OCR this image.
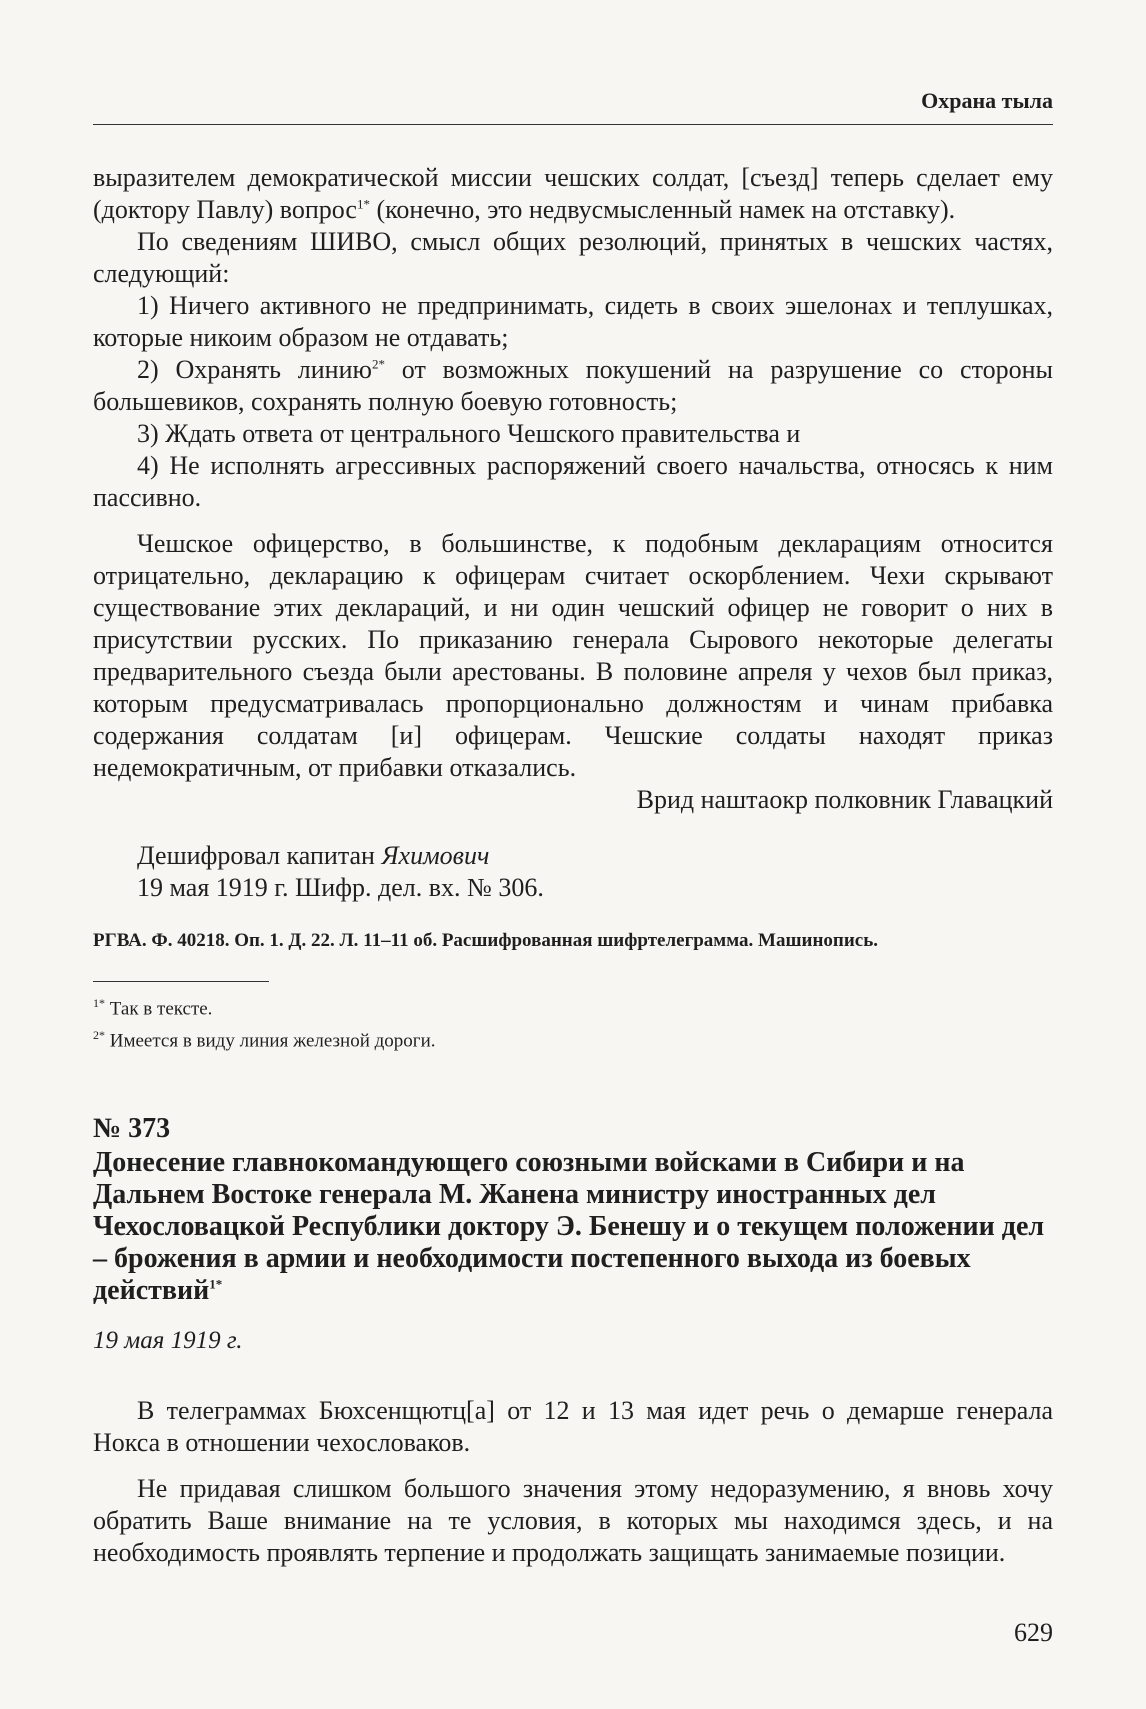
Охрана тыла

выразителем демократической миссии чешских солдат, [съезд] теперь сделает ему (доктору Павлу) вопрос$^{1*}$ (конечно, это недвусмысленный намек на отставку).

По сведениям ШИВО, смысл общих резолюций, принятых в чешских частях, следующий:

1) Ничего активного не предпринимать, сидеть в своих эшелонах и теплушках, которые никоим образом не отдавать;

2) Охранять линию$^{2*}$ от возможных покушений на разрушение со стороны большевиков, сохранять полную боевую готовность;

3) Ждать ответа от центрального Чешского правительства и

4) Не исполнять агрессивных распоряжений своего начальства, относясь к ним пассивно.

Чешское офицерство, в большинстве, к подобным декларациям относится отрицательно, декларацию к офицерам считает оскорблением. Чехи скрывают существование этих деклараций, и ни один чешский офицер не говорит о них в присутствии русских. По приказанию генерала Сырового некоторые делегаты предварительного съезда были арестованы. В половине апреля у чехов был приказ, которым предусматривалась пропорционально должностям и чинам прибавка содержания солдатам [и] офицерам. Чешские солдаты находят приказ недемократичным, от прибавки отказались.

Врид наштаокр полковник Главацкий

Дешифровал капитан Яхимович

19 мая 1919 г. Шифр. дел. вх. № 306.

РГВА. Ф. 40218. Оп. 1. Д. 22. Л. 11–11 об. Расшифрованная шифртелеграмма. Машинопись.

$^{1*}$ Так в тексте.

$^{2*}$ Имеется в виду линия железной дороги.

№ 373

Донесение главнокомандующего союзными войсками в Сибири и на Дальнем Востоке генерала М. Жанена министру иностранных дел Чехословацкой Республики доктору Э. Бенешу и о текущем положении дел – брожения в армии и необходимости постепенного выхода из боевых действий$^{1*}$

19 мая 1919 г.

В телеграммах Бюхсенщютц[а] от 12 и 13 мая идет речь о демарше генерала Нокса в отношении чехословаков.

Не придавая слишком большого значения этому недоразумению, я вновь хочу обратить Ваше внимание на те условия, в которых мы находимся здесь, и на необходимость проявлять терпение и продолжать защищать занимаемые позиции.

629
